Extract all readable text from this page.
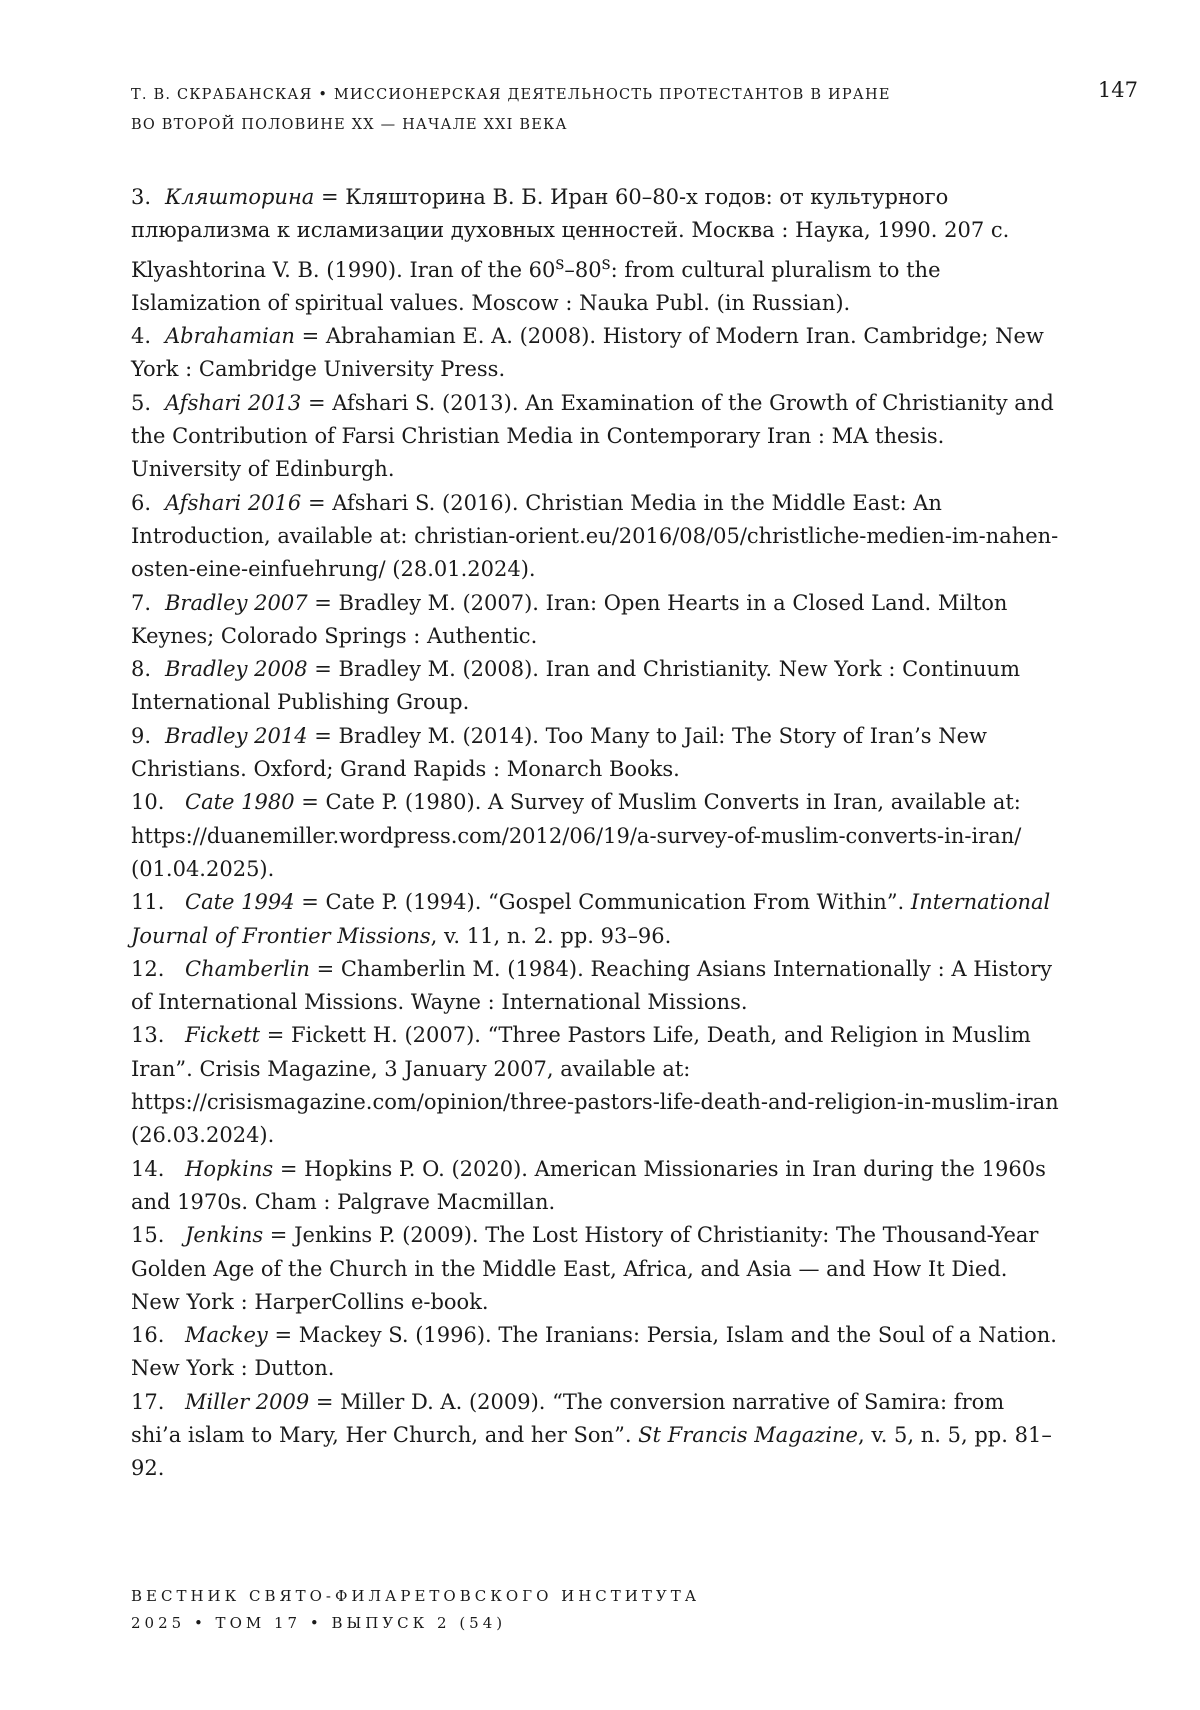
Т. В. СКРАБАНСКАЯ • МИССИОНЕРСКАЯ ДЕЯТЕЛЬНОСТЬ ПРОТЕСТАНТОВ В ИРАНЕ
ВО ВТОРОЙ ПОЛОВИНЕ XX — НАЧАЛЕ XXI ВЕКА
147

3. Кляшторина = Кляшторина В. Б. Иран 60–80-х годов: от культурного плюрализма к исламизации духовных ценностей. Москва : Наука, 1990. 207 с.

Klyashtorina V. B. (1990). Iran of the 60$^s$–80$^s$: from cultural pluralism to the Islamization of spiritual values. Moscow : Nauka Publ. (in Russian).

4. Abrahamian = Abrahamian E. A. (2008). History of Modern Iran. Cambridge; New York : Cambridge University Press.

5. Afshari 2013 = Afshari S. (2013). An Examination of the Growth of Christianity and the Contribution of Farsi Christian Media in Contemporary Iran : MA thesis. University of Edinburgh.

6. Afshari 2016 = Afshari S. (2016). Christian Media in the Middle East: An Introduction, available at: christian-orient.eu/2016/08/05/christliche-medien-im-nahen-osten-eine-einfuehrung/ (28.01.2024).

7. Bradley 2007 = Bradley M. (2007). Iran: Open Hearts in a Closed Land. Milton Keynes; Colorado Springs : Authentic.

8. Bradley 2008 = Bradley M. (2008). Iran and Christianity. New York : Continuum International Publishing Group.

9. Bradley 2014 = Bradley M. (2014). Too Many to Jail: The Story of Iran’s New Christians. Oxford; Grand Rapids : Monarch Books.

10. Cate 1980 = Cate P. (1980). A Survey of Muslim Converts in Iran, available at: https://duanemiller.wordpress.com/2012/06/19/a-survey-of-muslim-converts-in-iran/ (01.04.2025).

11. Cate 1994 = Cate P. (1994). “Gospel Communication From Within”. International Journal of Frontier Missions, v. 11, n. 2. pp. 93–96.

12. Chamberlin = Chamberlin M. (1984). Reaching Asians Internationally : A History of International Missions. Wayne : International Missions.

13. Fickett = Fickett H. (2007). “Three Pastors Life, Death, and Religion in Muslim Iran”. Crisis Magazine, 3 January 2007, available at: https://crisismagazine.com/opinion/three-pastors-life-death-and-religion-in-muslim-iran (26.03.2024).

14. Hopkins = Hopkins P. O. (2020). American Missionaries in Iran during the 1960s and 1970s. Cham : Palgrave Macmillan.

15. Jenkins = Jenkins P. (2009). The Lost History of Christianity: The Thousand-Year Golden Age of the Church in the Middle East, Africa, and Asia — and How It Died. New York : HarperCollins e-book.

16. Mackey = Mackey S. (1996). The Iranians: Persia, Islam and the Soul of a Nation. New York : Dutton.

17. Miller 2009 = Miller D. A. (2009). “The conversion narrative of Samira: from shi’a islam to Mary, Her Church, and her Son”. St Francis Magazine, v. 5, n. 5, pp. 81–92.

ВЕСТНИК СВЯТО-ФИЛАРЕТОВСКОГО ИНСТИТУТА
2025 • ТОМ 17 • ВЫПУСК 2 (54)
